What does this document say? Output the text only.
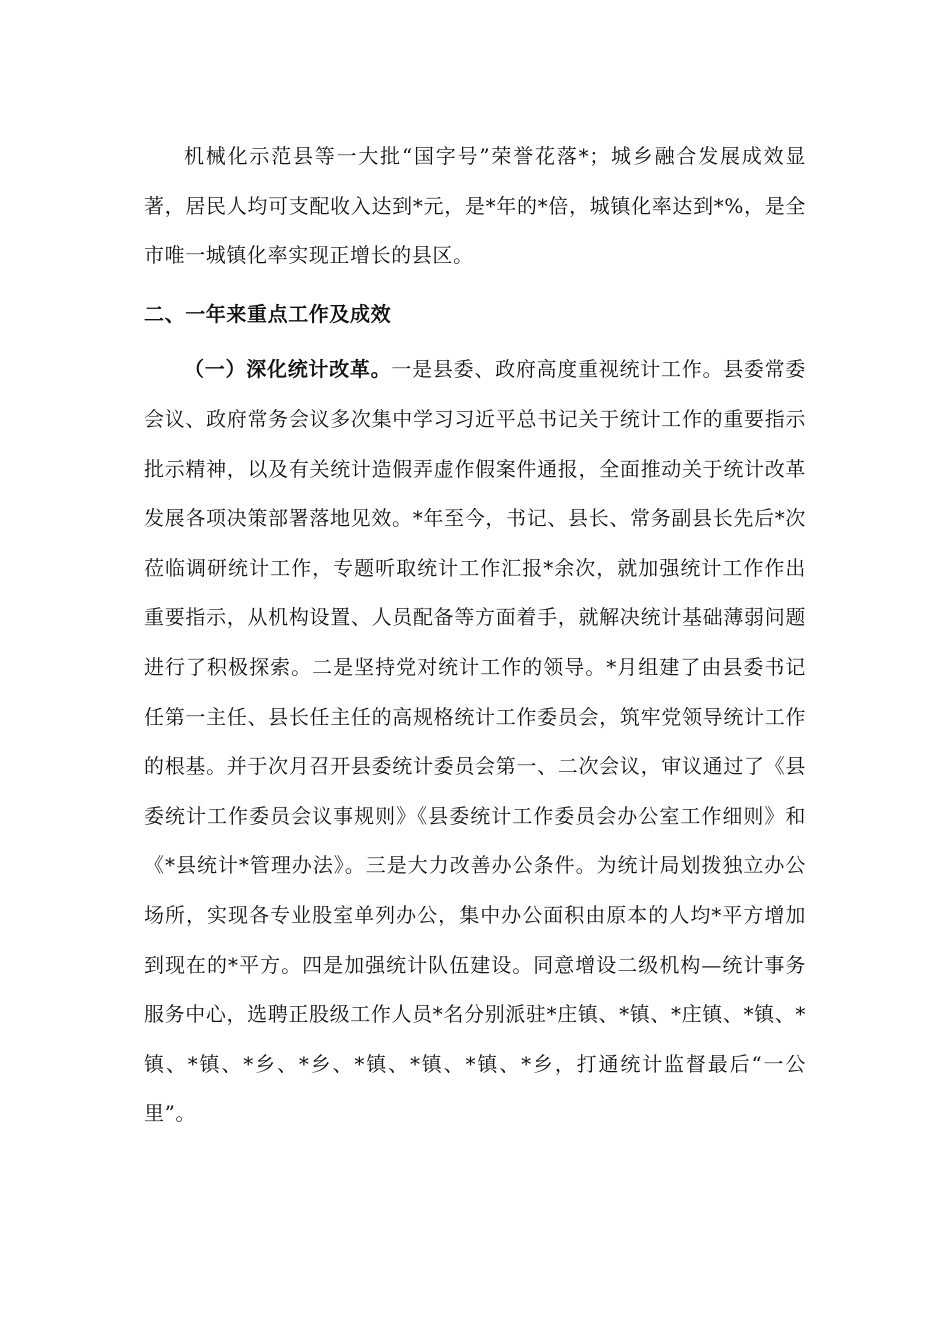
机械化示范县等一大批“国字号”荣誉花落*；城乡融合发展成效显著，居民人均可支配收入达到*元，是*年的*倍，城镇化率达到*%，是全市唯一城镇化率实现正增长的县区。

二、一年来重点工作及成效

（一）深化统计改革。一是县委、政府高度重视统计工作。县委常委会议、政府常务会议多次集中学习习近平总书记关于统计工作的重要指示批示精神，以及有关统计造假弄虚作假案件通报，全面推动关于统计改革发展各项决策部署落地见效。*年至今，书记、县长、常务副县长先后*次莅临调研统计工作，专题听取统计工作汇报*余次，就加强统计工作作出重要指示，从机构设置、人员配备等方面着手，就解决统计基础薄弱问题进行了积极探索。二是坚持党对统计工作的领导。*月组建了由县委书记任第一主任、县长任主任的高规格统计工作委员会，筑牢党领导统计工作的根基。并于次月召开县委统计委员会第一、二次会议，审议通过了《县委统计工作委员会议事规则》《县委统计工作委员会办公室工作细则》和《*县统计*管理办法》。三是大力改善办公条件。为统计局划拨独立办公场所，实现各专业股室单列办公，集中办公面积由原本的人均*平方增加到现在的*平方。四是加强统计队伍建设。同意增设二级机构—统计事务服务中心，选聘正股级工作人员*名分别派驻*庄镇、*镇、*庄镇、*镇、*镇、*镇、*乡、*乡、*镇、*镇、*镇、*乡，打通统计监督最后“一公里”。
